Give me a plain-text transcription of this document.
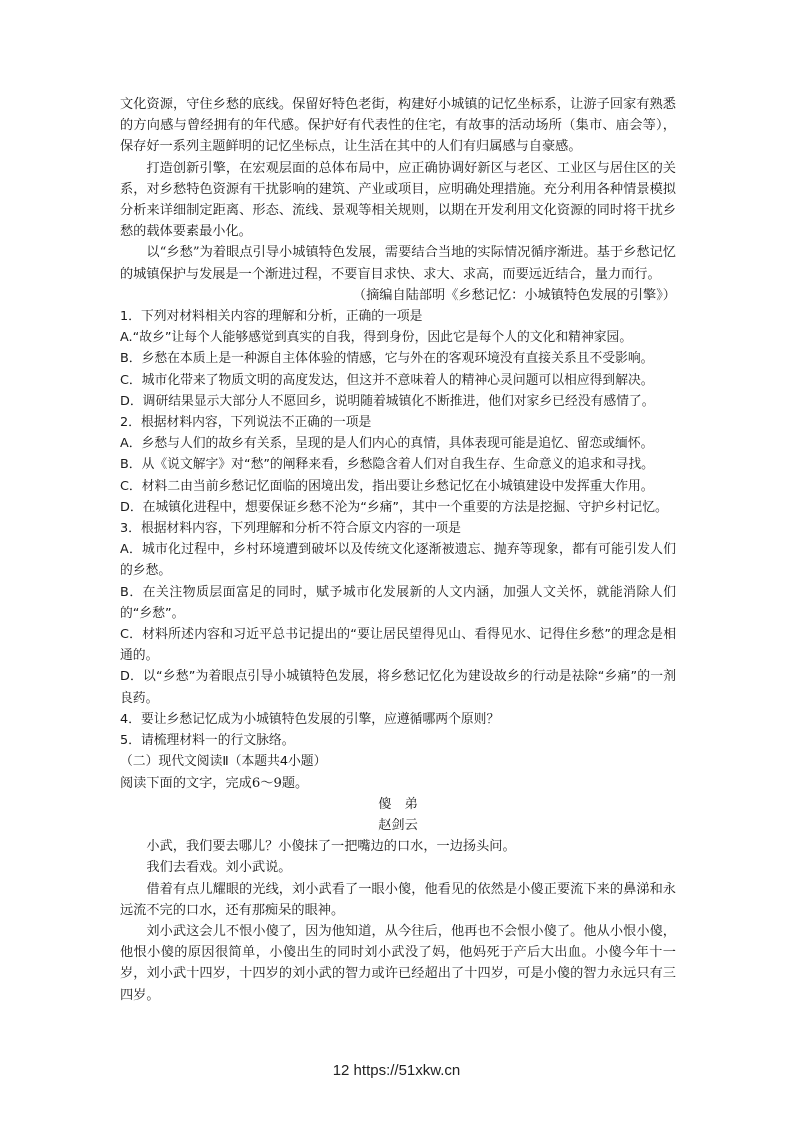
文化资源，守住乡愁的底线。保留好特色老街，构建好小城镇的记忆坐标系，让游子回家有熟悉的方向感与曾经拥有的年代感。保护好有代表性的住宅，有故事的活动场所（集市、庙会等），保存好一系列主题鲜明的记忆坐标点，让生活在其中的人们有归属感与自豪感。

打造创新引擎，在宏观层面的总体布局中，应正确协调好新区与老区、工业区与居住区的关系，对乡愁特色资源有干扰影响的建筑、产业或项目，应明确处理措施。充分利用各种情景模拟分析来详细制定距离、形态、流线、景观等相关规则，以期在开发利用文化资源的同时将干扰乡愁的载体要素最小化。

以“乡愁”为着眼点引导小城镇特色发展，需要结合当地的实际情况循序渐进。基于乡愁记忆的城镇保护与发展是一个渐进过程，不要盲目求快、求大、求高，而要远近结合，量力而行。

（摘编自陆部明《乡愁记忆：小城镇特色发展的引擎》）

1．下列对材料相关内容的理解和分析，正确的一项是

A.“故乡”让每个人能够感觉到真实的自我，得到身份，因此它是每个人的文化和精神家园。

B．乡愁在本质上是一种源自主体体验的情感，它与外在的客观环境没有直接关系且不受影响。

C．城市化带来了物质文明的高度发达，但这并不意味着人的精神心灵问题可以相应得到解决。

D．调研结果显示大部分人不愿回乡，说明随着城镇化不断推进，他们对家乡已经没有感情了。

2．根据材料内容，下列说法不正确的一项是

A．乡愁与人们的故乡有关系，呈现的是人们内心的真情，具体表现可能是追忆、留恋或缅怀。

B．从《说文解字》对“愁”的阐释来看，乡愁隐含着人们对自我生存、生命意义的追求和寻找。

C．材料二由当前乡愁记忆面临的困境出发，指出要让乡愁记忆在小城镇建设中发挥重大作用。

D．在城镇化进程中，想要保证乡愁不沦为“乡痛”，其中一个重要的方法是挖掘、守护乡村记忆。

3．根据材料内容，下列理解和分析不符合原文内容的一项是

A．城市化过程中，乡村环境遭到破坏以及传统文化逐渐被遗忘、抛弃等现象，都有可能引发人们的乡愁。

B．在关注物质层面富足的同时，赋予城市化发展新的人文内涵，加强人文关怀，就能消除人们的“乡愁”。

C．材料所述内容和习近平总书记提出的“要让居民望得见山、看得见水、记得住乡愁”的理念是相通的。

D．以“乡愁”为着眼点引导小城镇特色发展，将乡愁记忆化为建设故乡的行动是祛除“乡痛”的一剂良药。

4．要让乡愁记忆成为小城镇特色发展的引擎，应遵循哪两个原则？

5．请梳理材料一的行文脉络。

（二）现代文阅读Ⅱ（本题共4小题）

阅读下面的文字，完成6～9题。

傻　弟

赵剑云

小武，我们要去哪儿？小傻抹了一把嘴边的口水，一边扬头问。

我们去看戏。刘小武说。

借着有点儿耀眼的光线，刘小武看了一眼小傻，他看见的依然是小傻正要流下来的鼻涕和永远流不完的口水，还有那痴呆的眼神。

刘小武这会儿不恨小傻了，因为他知道，从今往后，他再也不会恨小傻了。他从小恨小傻，他恨小傻的原因很简单，小傻出生的同时刘小武没了妈，他妈死于产后大出血。小傻今年十一岁，刘小武十四岁，十四岁的刘小武的智力或许已经超出了十四岁，可是小傻的智力永远只有三四岁。

12 https://51xkw.cn
